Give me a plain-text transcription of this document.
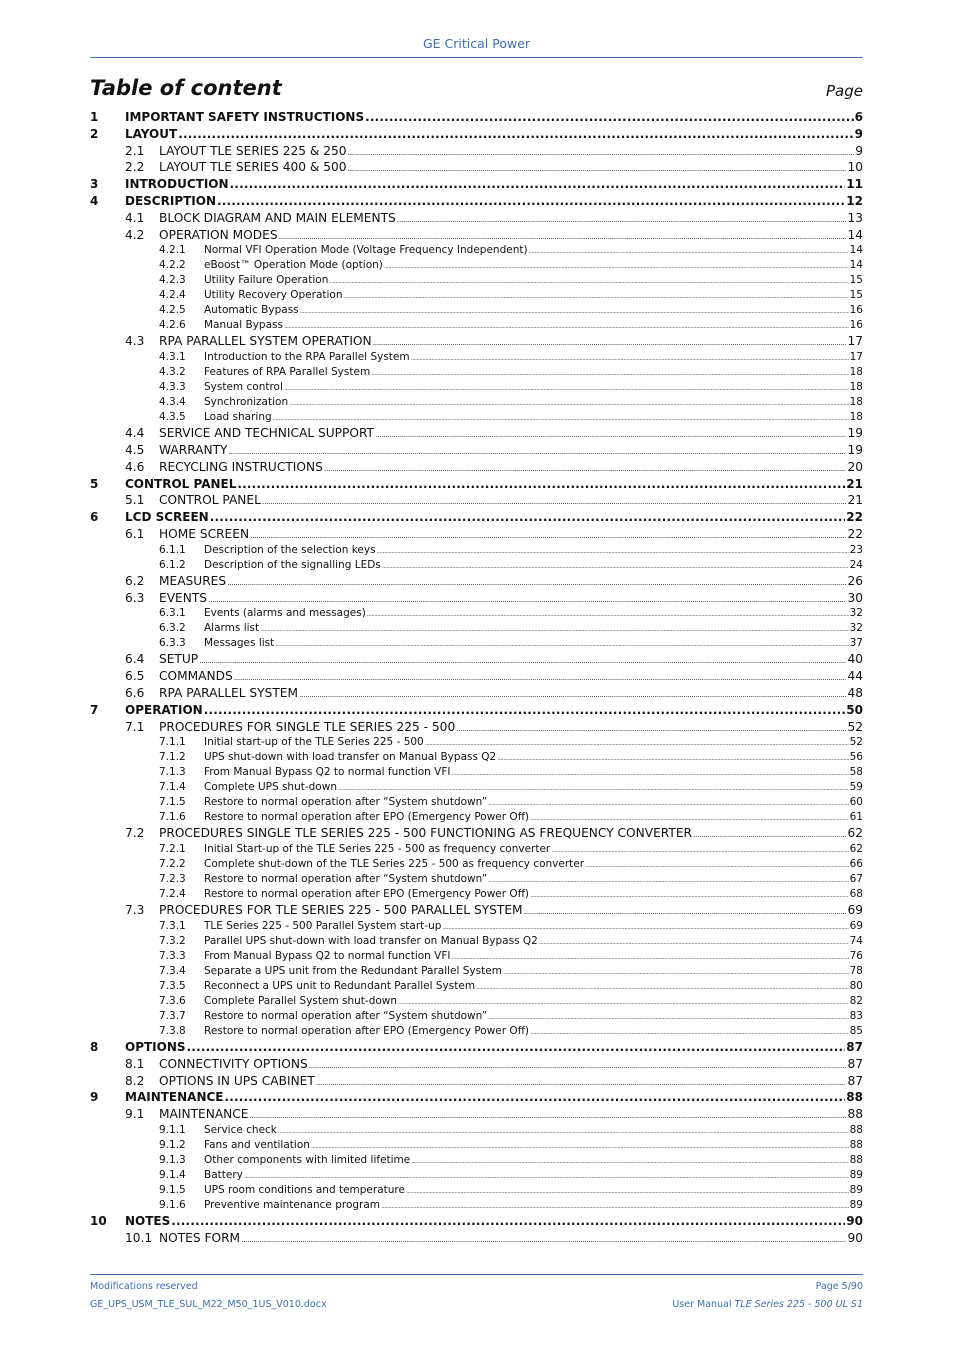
GE Critical Power
Table of content	Page
1	IMPORTANT SAFETY INSTRUCTIONS .....	6
2	LAYOUT .....	9
2.1	LAYOUT TLE SERIES 225 & 250 .....	9
2.2	LAYOUT TLE SERIES 400 & 500 .....	10
3	INTRODUCTION .....	11
4	DESCRIPTION .....	12
4.1	BLOCK DIAGRAM AND MAIN ELEMENTS .....	13
4.2	OPERATION MODES .....	14
4.2.1	Normal VFI Operation Mode (Voltage Frequency Independent) .....	14
4.2.2	eBoost™ Operation Mode (option) .....	14
4.2.3	Utility Failure Operation .....	15
4.2.4	Utility Recovery Operation .....	15
4.2.5	Automatic Bypass .....	16
4.2.6	Manual Bypass .....	16
4.3	RPA PARALLEL SYSTEM OPERATION .....	17
4.3.1	Introduction to the RPA Parallel System .....	17
4.3.2	Features of RPA Parallel System .....	18
4.3.3	System control .....	18
4.3.4	Synchronization .....	18
4.3.5	Load sharing .....	18
4.4	SERVICE AND TECHNICAL SUPPORT .....	19
4.5	WARRANTY .....	19
4.6	RECYCLING INSTRUCTIONS .....	20
5	CONTROL PANEL .....	21
5.1	CONTROL PANEL .....	21
6	LCD SCREEN .....	22
6.1	HOME SCREEN .....	22
6.1.1	Description of the selection keys .....	23
6.1.2	Description of the signalling LEDs .....	24
6.2	MEASURES .....	26
6.3	EVENTS .....	30
6.3.1	Events (alarms and messages) .....	32
6.3.2	Alarms list .....	32
6.3.3	Messages list .....	37
6.4	SETUP .....	40
6.5	COMMANDS .....	44
6.6	RPA PARALLEL SYSTEM .....	48
7	OPERATION .....	50
7.1	PROCEDURES FOR SINGLE TLE SERIES 225 - 500 .....	52
7.1.1	Initial start-up of the TLE Series 225 - 500 .....	52
7.1.2	UPS shut-down with load transfer on Manual Bypass Q2 .....	56
7.1.3	From Manual Bypass Q2 to normal function VFI .....	58
7.1.4	Complete UPS shut-down .....	59
7.1.5	Restore to normal operation after “System shutdown” .....	60
7.1.6	Restore to normal operation after EPO (Emergency Power Off) .....	61
7.2	PROCEDURES SINGLE TLE SERIES 225 - 500 FUNCTIONING AS FREQUENCY CONVERTER .....	62
7.2.1	Initial Start-up of the TLE Series 225 - 500 as frequency converter .....	62
7.2.2	Complete shut-down of the TLE Series 225 - 500 as frequency converter .....	66
7.2.3	Restore to normal operation after “System shutdown” .....	67
7.2.4	Restore to normal operation after EPO (Emergency Power Off) .....	68
7.3	PROCEDURES FOR TLE SERIES 225 - 500 PARALLEL SYSTEM .....	69
7.3.1	TLE Series 225 - 500 Parallel System start-up .....	69
7.3.2	Parallel UPS shut-down with load transfer on Manual Bypass Q2 .....	74
7.3.3	From Manual Bypass Q2 to normal function VFI .....	76
7.3.4	Separate a UPS unit from the Redundant Parallel System .....	78
7.3.5	Reconnect a UPS unit to Redundant Parallel System .....	80
7.3.6	Complete Parallel System shut-down .....	82
7.3.7	Restore to normal operation after “System shutdown” .....	83
7.3.8	Restore to normal operation after EPO (Emergency Power Off) .....	85
8	OPTIONS .....	87
8.1	CONNECTIVITY OPTIONS .....	87
8.2	OPTIONS IN UPS CABINET .....	87
9	MAINTENANCE .....	88
9.1	MAINTENANCE .....	88
9.1.1	Service check .....	88
9.1.2	Fans and ventilation .....	88
9.1.3	Other components with limited lifetime .....	88
9.1.4	Battery .....	89
9.1.5	UPS room conditions and temperature .....	89
9.1.6	Preventive maintenance program .....	89
10	NOTES .....	90
10.1 NOTES FORM .....	90
Modifications reserved
GE_UPS_USM_TLE_SUL_M22_M50_1US_V010.docx
Page 5/90
User Manual TLE Series 225 - 500 UL S1
